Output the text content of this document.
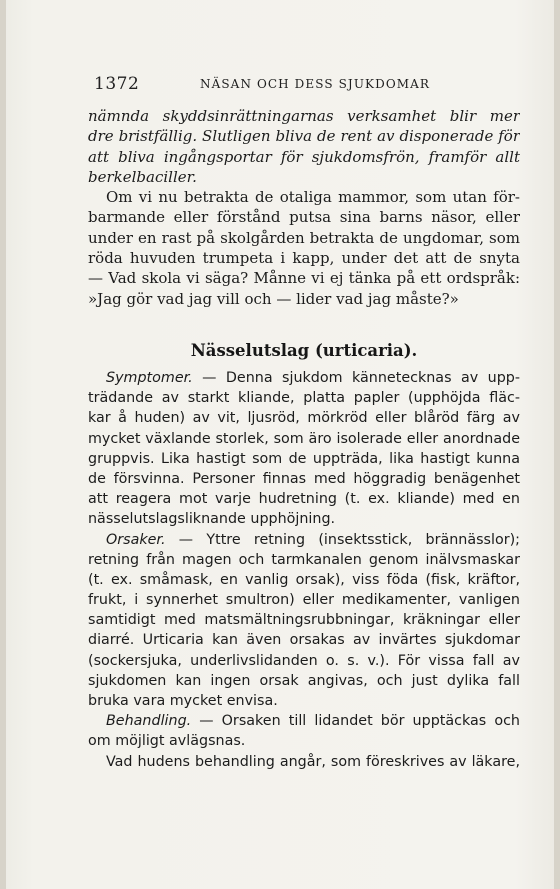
1372	NÄSAN OCH DESS SJUKDOMAR
nämnda skyddsinrättningarnas verksamhet blir mer
dre bristfällig. Slutligen bliva de rent av disponerade för
att bliva ingångsportar för sjukdomsfrön, framför allt
berkelbaciller.
Om vi nu betrakta de otaliga mammor, som utan för-
barmande eller förstånd putsa sina barns näsor, eller
under en rast på skolgården betrakta de ungdomar, som
röda huvuden trumpeta i kapp, under det att de snyta
— Vad skola vi säga? Månne vi ej tänka på ett ordspråk:
»Jag gör vad jag vill och — lider vad jag måste?»
Nässelutslag (urticaria).
Symptomer. — Denna sjukdom kännetecknas av upp-
trädande av starkt kliande, platta papler (upphöjda fläc-
kar å huden) av vit, ljusröd, mörkröd eller blåröd färg av
mycket växlande storlek, som äro isolerade eller anordnade
gruppvis. Lika hastigt som de uppträda, lika hastigt kunna
de försvinna. Personer finnas med höggradig benägenhet
att reagera mot varje hudretning (t. ex. kliande) med en
nässelutslagsliknande upphöjning.
Orsaker. — Yttre retning (insektsstick, brännässlor);
retning från magen och tarmkanalen genom inälvsmaskar
(t. ex. småmask, en vanlig orsak), viss föda (fisk, kräftor,
frukt, i synnerhet smultron) eller medikamenter, vanligen
samtidigt med matsmältningsrubbningar, kräkningar eller
diarré. Urticaria kan även orsakas av invärtes sjukdomar
(sockersjuka, underlivslidanden o. s. v.). För vissa fall av
sjukdomen kan ingen orsak angivas, och just dylika fall
bruka vara mycket envisa.
Behandling. — Orsaken till lidandet bör upptäckas och
om möjligt avlägsnas.
Vad hudens behandling angår, som föreskrives av läkare,
